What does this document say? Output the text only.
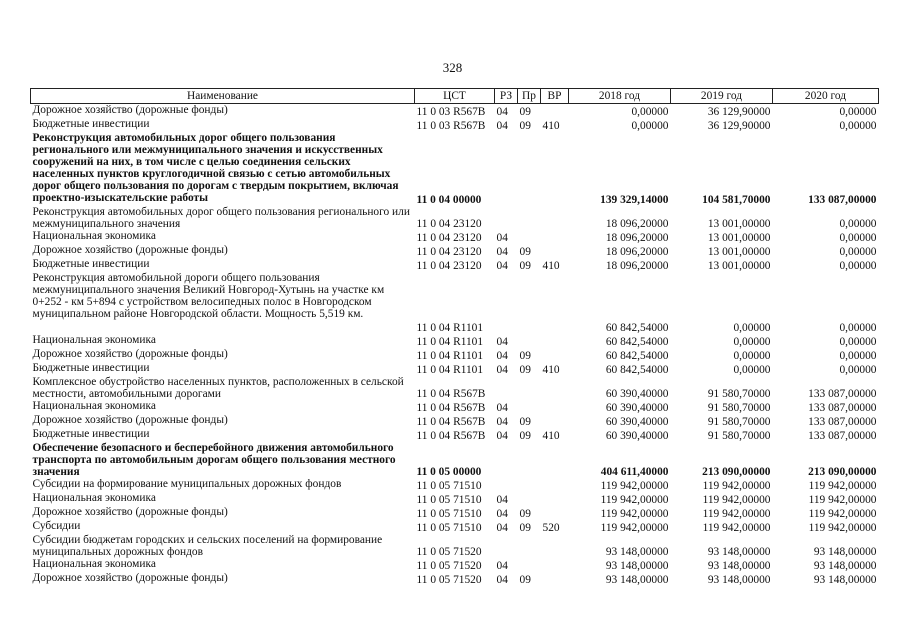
328
Наименование	ЦСТ	РЗ	Пр	ВР	2018 год	2019 год	2020 год
Дорожное хозяйство (дорожные фонды)	11 0 03 R567B	04	09		0,00000	36 129,90000	0,00000
Бюджетные инвестиции	11 0 03 R567B	04	09	410	0,00000	36 129,90000	0,00000
Реконструкция автомобильных дорог общего пользования регионального или межмуниципального значения и искусственных сооружений на них, в том числе с целью соединения сельских населенных пунктов круглогодичной связью с сетью автомобильных дорог общего пользования по дорогам с твердым покрытием, включая проектно-изыскательские работы	11 0 04 00000				139 329,14000	104 581,70000	133 087,00000
Реконструкция автомобильных дорог общего пользования регионального или межмуниципального значения	11 0 04 23120				18 096,20000	13 001,00000	0,00000
Национальная экономика	11 0 04 23120	04			18 096,20000	13 001,00000	0,00000
Дорожное хозяйство (дорожные фонды)	11 0 04 23120	04	09		18 096,20000	13 001,00000	0,00000
Бюджетные инвестиции	11 0 04 23120	04	09	410	18 096,20000	13 001,00000	0,00000
Реконструкция автомобильной дороги общего пользования межмуниципального значения Великий Новгород-Хутынь на участке км 0+252 - км 5+894 с устройством велосипедных полос в Новгородском муниципальном районе Новгородской области. Мощность 5,519 км.	11 0 04 R1101				60 842,54000	0,00000	0,00000
Национальная экономика	11 0 04 R1101	04			60 842,54000	0,00000	0,00000
Дорожное хозяйство (дорожные фонды)	11 0 04 R1101	04	09		60 842,54000	0,00000	0,00000
Бюджетные инвестиции	11 0 04 R1101	04	09	410	60 842,54000	0,00000	0,00000
Комплексное обустройство населенных пунктов, расположенных в сельской местности, автомобильными дорогами	11 0 04 R567B				60 390,40000	91 580,70000	133 087,00000
Национальная экономика	11 0 04 R567B	04			60 390,40000	91 580,70000	133 087,00000
Дорожное хозяйство (дорожные фонды)	11 0 04 R567B	04	09		60 390,40000	91 580,70000	133 087,00000
Бюджетные инвестиции	11 0 04 R567B	04	09	410	60 390,40000	91 580,70000	133 087,00000
Обеспечение безопасного и бесперебойного движения автомобильного транспорта по автомобильным дорогам общего пользования местного значения	11 0 05 00000				404 611,40000	213 090,00000	213 090,00000
Субсидии на формирование муниципальных дорожных фондов	11 0 05 71510				119 942,00000	119 942,00000	119 942,00000
Национальная экономика	11 0 05 71510	04			119 942,00000	119 942,00000	119 942,00000
Дорожное хозяйство (дорожные фонды)	11 0 05 71510	04	09		119 942,00000	119 942,00000	119 942,00000
Субсидии	11 0 05 71510	04	09	520	119 942,00000	119 942,00000	119 942,00000
Субсидии бюджетам городских и сельских поселений на формирование муниципальных дорожных фондов	11 0 05 71520				93 148,00000	93 148,00000	93 148,00000
Национальная экономика	11 0 05 71520	04			93 148,00000	93 148,00000	93 148,00000
Дорожное хозяйство (дорожные фонды)	11 0 05 71520	04	09		93 148,00000	93 148,00000	93 148,00000
